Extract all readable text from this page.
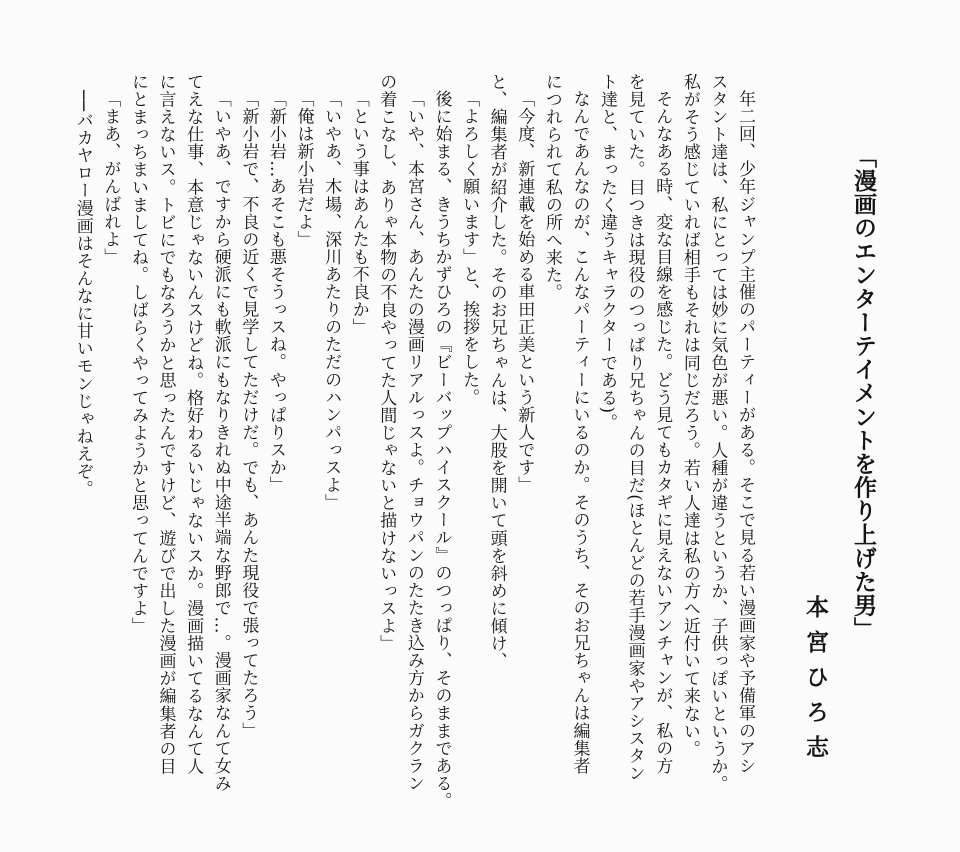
「漫画のエンターテイメントを作り上げた男」
本宮ひろ志
年二回、少年ジャンプ主催のパーティーがある。そこで見る若い漫画家や予備軍のアシ
スタント達は、私にとっては妙に気色が悪い。人種が違うというか、子供っぽいというか。
私がそう感じていれば相手もそれは同じだろう。若い人達は私の方へ近付いて来ない。
そんなある時、変な目線を感じた。どう見てもカタギに見えないアンチャンが、私の方
を見ていた。目つきは現役のつっぱり兄ちゃんの目だ(ほとんどの若手漫画家やアシスタン
ト達と、まったく違うキャラクターである)。
なんであんなのが、こんなパーティーにいるのか。そのうち、そのお兄ちゃんは編集者
につれられて私の所へ来た。
「今度、新連載を始める車田正美という新人です」
と、編集者が紹介した。そのお兄ちゃんは、大股を開いて頭を斜めに傾け、
「よろしく願います」と、挨拶をした。
後に始まる、きうちかずひろの『ビーバップハイスクール』のつっぱり、そのままである。
「いや、本宮さん、あんたの漫画リアルっスよ。チョウパンのたたき込み方からガクラン
の着こなし、ありゃ本物の不良やってた人間じゃないと描けないっスよ」
「という事はあんたも不良か」
「いやあ、木場、深川あたりのただのハンパっスよ」
「俺は新小岩だよ」
「新小岩…あそこも悪そうっスね。やっぱりスか」
「新小岩で、不良の近くで見学してただけだ。でも、あんた現役で張ってたろう」
「いやあ、ですから硬派にも軟派にもなりきれぬ中途半端な野郎で…。漫画家なんて女み
てえな仕事、本意じゃないんスけどね。格好わるいじゃないスか。漫画描いてるなんて人
に言えないス。トビにでもなろうかと思ったんですけど、遊びで出した漫画が編集者の目
にとまっちまいましてね。しばらくやってみようかと思ってんですよ」
「まあ、がんばれよ」
──バカヤロー漫画はそんなに甘いモンじゃねえぞ。
